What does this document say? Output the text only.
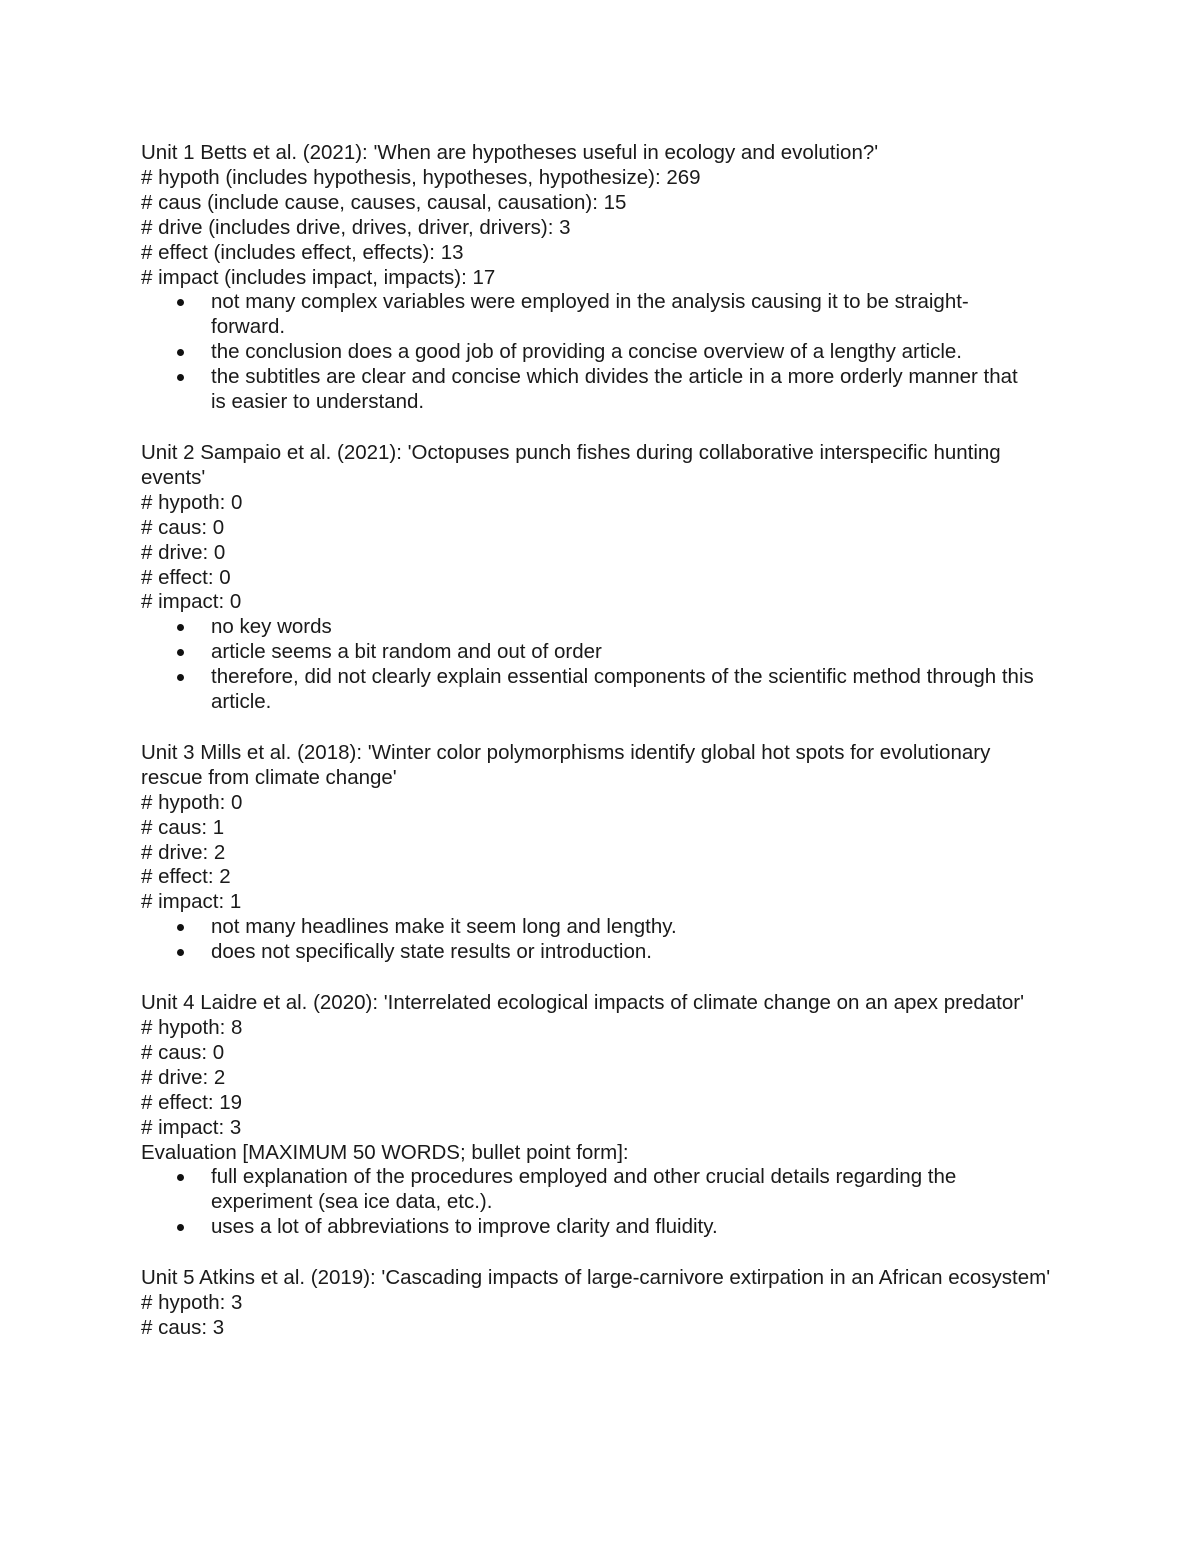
Unit 1 Betts et al. (2021): 'When are hypotheses useful in ecology and evolution?'

# hypoth (includes hypothesis, hypotheses, hypothesize): 269

# caus (include cause, causes, causal, causation): 15

# drive (includes drive, drives, driver, drivers): 3

# effect (includes effect, effects): 13

# impact (includes impact, impacts): 17

not many complex variables were employed in the analysis causing it to be straight-forward.
the conclusion does a good job of providing a concise overview of a lengthy article.
the subtitles are clear and concise which divides the article in a more orderly manner that is easier to understand.

Unit 2 Sampaio et al. (2021): 'Octopuses punch fishes during collaborative interspecific hunting events'

# hypoth: 0

# caus: 0

# drive: 0

# effect: 0

# impact: 0

no key words
article seems a bit random and out of order
therefore, did not clearly explain essential components of the scientific method through this article.

Unit 3 Mills et al. (2018): 'Winter color polymorphisms identify global hot spots for evolutionary rescue from climate change'

# hypoth: 0

# caus: 1

# drive: 2

# effect: 2

# impact: 1

not many headlines make it seem long and lengthy.
does not specifically state results or introduction.

Unit 4 Laidre et al. (2020): 'Interrelated ecological impacts of climate change on an apex predator'

# hypoth: 8

# caus: 0

# drive: 2

# effect: 19

# impact: 3

Evaluation [MAXIMUM 50 WORDS; bullet point form]:

full explanation of the procedures employed and other crucial details regarding the experiment (sea ice data, etc.).
uses a lot of abbreviations to improve clarity and fluidity.

Unit 5 Atkins et al. (2019): 'Cascading impacts of large-carnivore extirpation in an African ecosystem'

# hypoth: 3

# caus: 3
